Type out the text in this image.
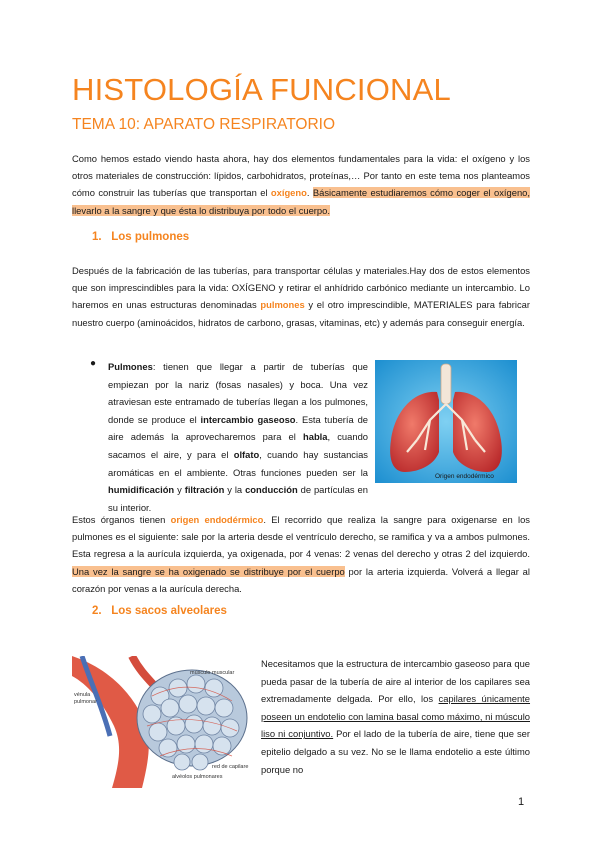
HISTOLOGÍA FUNCIONAL
TEMA 10: APARATO RESPIRATORIO
Como hemos estado viendo hasta ahora, hay dos elementos fundamentales para la vida: el oxígeno y los otros materiales de construcción: lípidos, carbohidratos, proteínas,… Por tanto en este tema nos planteamos cómo construir las tuberías que transportan el oxígeno. Básicamente estudiaremos cómo coger el oxígeno, llevarlo a la sangre y que ésta lo distribuya por todo el cuerpo.
1. Los pulmones
Después de la fabricación de las tuberías, para transportar células y materiales.Hay dos de estos elementos que son imprescindibles para la vida: OXÍGENO y retirar el anhídrido carbónico mediante un intercambio. Lo haremos en unas estructuras denominadas pulmones y el otro imprescindible, MATERIALES para fabricar nuestro cuerpo (aminoácidos, hidratos de carbono, grasas, vitaminas, etc) y además para conseguir energía.
● Pulmones: tienen que llegar a partir de tuberías que empiezan por la nariz (fosas nasales) y boca. Una vez atraviesan este entramado de tuberías llegan a los pulmones, donde se produce el intercambio gaseoso. Esta tubería de aire además la aprovecharemos para el habla, cuando sacamos el aire, y para el olfato, cuando hay sustancias aromáticas en el ambiente. Otras funciones pueden ser la humidificación y filtración y la conducción de partículas en su interior.
Origen endodérmico
Estos órganos tienen origen endodérmico. El recorrido que realiza la sangre para oxigenarse en los pulmones es el siguiente: sale por la arteria desde el ventrículo derecho, se ramifica y va a ambos pulmones. Esta regresa a la aurícula izquierda, ya oxigenada, por 4 venas: 2 venas del derecho y otras 2 del izquierdo. Una vez la sangre se ha oxigenado se distribuye por el cuerpo por la arteria izquierda. Volverá a llegar al corazón por venas a la aurícula derecha.
2. Los sacos alveolares
vénula
pulmonar
músculo muscular
red de capilare
alvéolos pulmonares
Necesitamos que la estructura de intercambio gaseoso para que pueda pasar de la tubería de aire al interior de los capilares sea extremadamente delgada. Por ello, los capilares únicamente poseen un endotelio con lamina basal como máximo, ni músculo liso ni conjuntivo. Por el lado de la tubería de aire, tiene que ser epitelio delgado a su vez. No se le llama endotelio a este último porque no
1
